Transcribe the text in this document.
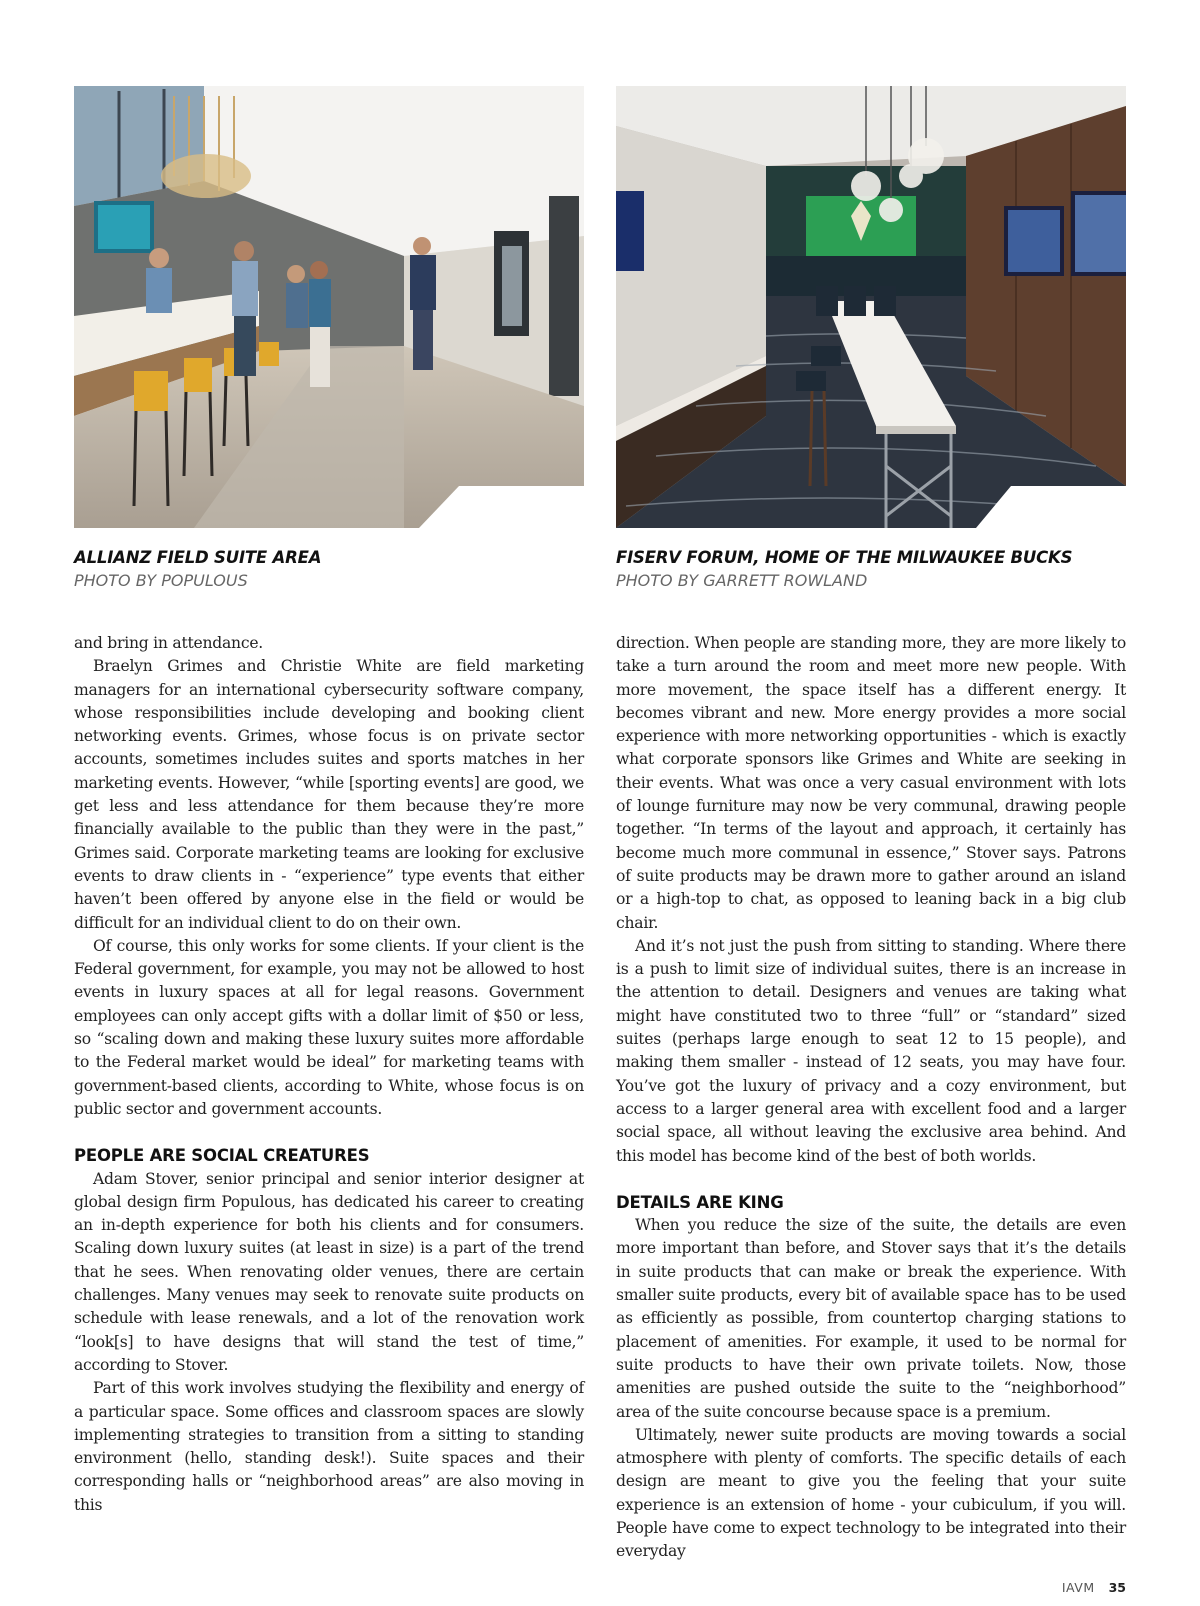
ALLIANZ FIELD SUITE AREA
PHOTO BY POPULOUS
FISERV FORUM, HOME OF THE MILWAUKEE BUCKS
PHOTO BY GARRETT ROWLAND

and bring in attendance.

Braelyn Grimes and Christie White are field marketing managers for an international cybersecurity software company, whose responsibilities include developing and booking client networking events. Grimes, whose focus is on private sector accounts, sometimes includes suites and sports matches in her marketing events. However, “while [sporting events] are good, we get less and less attendance for them because they’re more financially available to the public than they were in the past,” Grimes said. Corporate marketing teams are looking for exclusive events to draw clients in - “experience” type events that either haven’t been offered by anyone else in the field or would be difficult for an individual client to do on their own.

Of course, this only works for some clients. If your client is the Federal government, for example, you may not be allowed to host events in luxury spaces at all for legal reasons. Government employees can only accept gifts with a dollar limit of $50 or less, so “scaling down and making these luxury suites more affordable to the Federal market would be ideal” for marketing teams with government-based clients, according to White, whose focus is on public sector and government accounts.

PEOPLE ARE SOCIAL CREATURES

Adam Stover, senior principal and senior interior designer at global design firm Populous, has dedicated his career to creating an in-depth experience for both his clients and for consumers. Scaling down luxury suites (at least in size) is a part of the trend that he sees. When renovating older venues, there are certain challenges. Many venues may seek to renovate suite products on schedule with lease renewals, and a lot of the renovation work “look[s] to have designs that will stand the test of time,” according to Stover.

Part of this work involves studying the flexibility and energy of a particular space. Some offices and classroom spaces are slowly implementing strategies to transition from a sitting to standing environment (hello, standing desk!). Suite spaces and their corresponding halls or “neighborhood areas” are also moving in this

direction. When people are standing more, they are more likely to take a turn around the room and meet more new people. With more movement, the space itself has a different energy. It becomes vibrant and new. More energy provides a more social experience with more networking opportunities - which is exactly what corporate sponsors like Grimes and White are seeking in their events. What was once a very casual environment with lots of lounge furniture may now be very communal, drawing people together. “In terms of the layout and approach, it certainly has become much more communal in essence,” Stover says. Patrons of suite products may be drawn more to gather around an island or a high-top to chat, as opposed to leaning back in a big club chair.

And it’s not just the push from sitting to standing. Where there is a push to limit size of individual suites, there is an increase in the attention to detail. Designers and venues are taking what might have constituted two to three “full” or “standard” sized suites (perhaps large enough to seat 12 to 15 people), and making them smaller - instead of 12 seats, you may have four. You’ve got the luxury of privacy and a cozy environment, but access to a larger general area with excellent food and a larger social space, all without leaving the exclusive area behind. And this model has become kind of the best of both worlds.

DETAILS ARE KING

When you reduce the size of the suite, the details are even more important than before, and Stover says that it’s the details in suite products that can make or break the experience. With smaller suite products, every bit of available space has to be used as efficiently as possible, from countertop charging stations to placement of amenities. For example, it used to be normal for suite products to have their own private toilets. Now, those amenities are pushed outside the suite to the “neighborhood” area of the suite concourse because space is a premium.

Ultimately, newer suite products are moving towards a social atmosphere with plenty of comforts. The specific details of each design are meant to give you the feeling that your suite experience is an extension of home - your cubiculum, if you will. People have come to expect technology to be integrated into their everyday

IAVM 35
